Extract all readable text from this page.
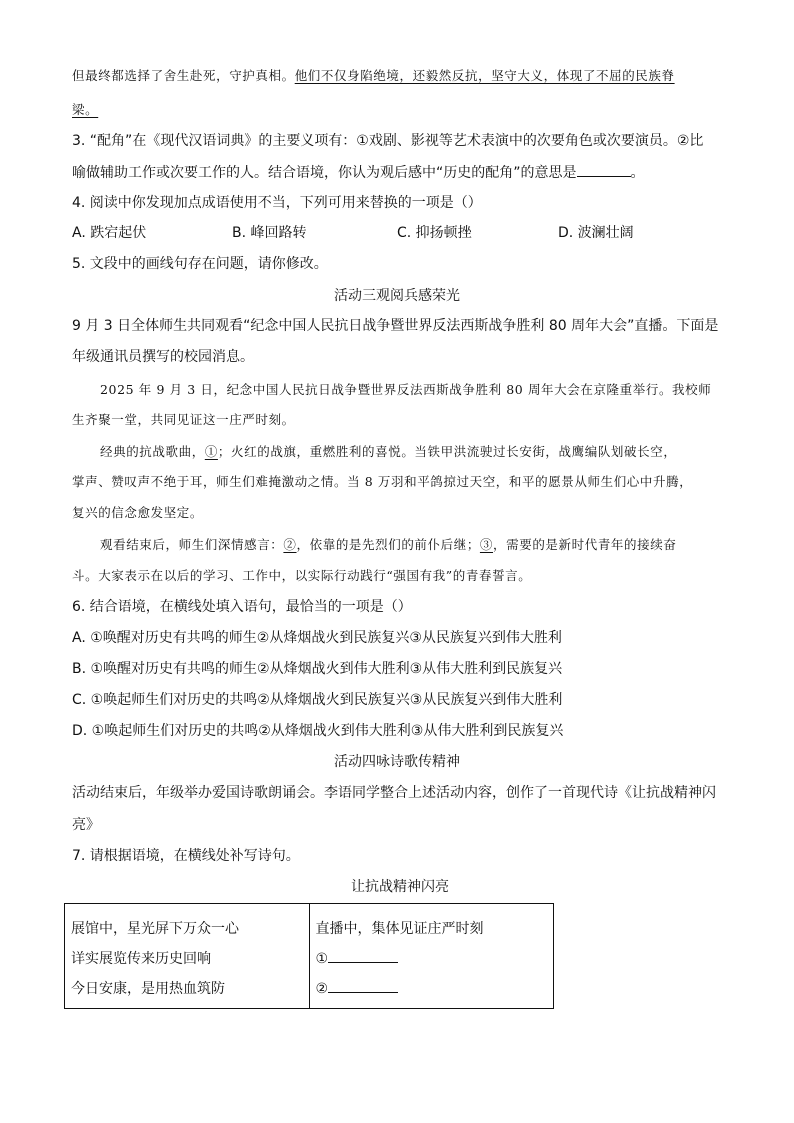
但最终都选择了舍生赴死，守护真相。他们不仅身陷绝境，还毅然反抗，坚守大义，体现了不屈的民族脊
梁。
3. “配角”在《现代汉语词典》的主要义项有：①戏剧、影视等艺术表演中的次要角色或次要演员。②比
喻做辅助工作或次要工作的人。结合语境，你认为观后感中“历史的配角”的意思是	。
4. 阅读中你发现加点成语使用不当，下列可用来替换的一项是（）
A. 跌宕起伏	B. 峰回路转	C. 抑扬顿挫	D. 波澜壮阔
5. 文段中的画线句存在问题，请你修改。
活动三观阅兵感荣光
9 月 3 日全体师生共同观看“纪念中国人民抗日战争暨世界反法西斯战争胜利 80 周年大会”直播。下面是
年级通讯员撰写的校园消息。
2025 年 9 月 3 日，纪念中国人民抗日战争暨世界反法西斯战争胜利 80 周年大会在京隆重举行。我校师
生齐聚一堂，共同见证这一庄严时刻。
经典的抗战歌曲，①；火红的战旗，重燃胜利的喜悦。当铁甲洪流驶过长安街，战鹰编队划破长空，
掌声、赞叹声不绝于耳，师生们难掩激动之情。当 8 万羽和平鸽掠过天空，和平的愿景从师生们心中升腾，
复兴的信念愈发坚定。
观看结束后，师生们深情感言：②，依靠的是先烈们的前仆后继；③，需要的是新时代青年的接续奋
斗。大家表示在以后的学习、工作中，以实际行动践行“强国有我”的青春誓言。
6. 结合语境，在横线处填入语句，最恰当的一项是（）
A. ①唤醒对历史有共鸣的师生②从烽烟战火到民族复兴③从民族复兴到伟大胜利
B. ①唤醒对历史有共鸣的师生②从烽烟战火到伟大胜利③从伟大胜利到民族复兴
C. ①唤起师生们对历史的共鸣②从烽烟战火到民族复兴③从民族复兴到伟大胜利
D. ①唤起师生们对历史的共鸣②从烽烟战火到伟大胜利③从伟大胜利到民族复兴
活动四咏诗歌传精神
活动结束后，年级举办爱国诗歌朗诵会。李语同学整合上述活动内容，创作了一首现代诗《让抗战精神闪
亮》
7. 请根据语境，在横线处补写诗句。
让抗战精神闪亮
展馆中，星光屏下万众一心
详实展览传来历史回响
今日安康，是用热血筑防

直播中，集体见证庄严时刻
①
②
